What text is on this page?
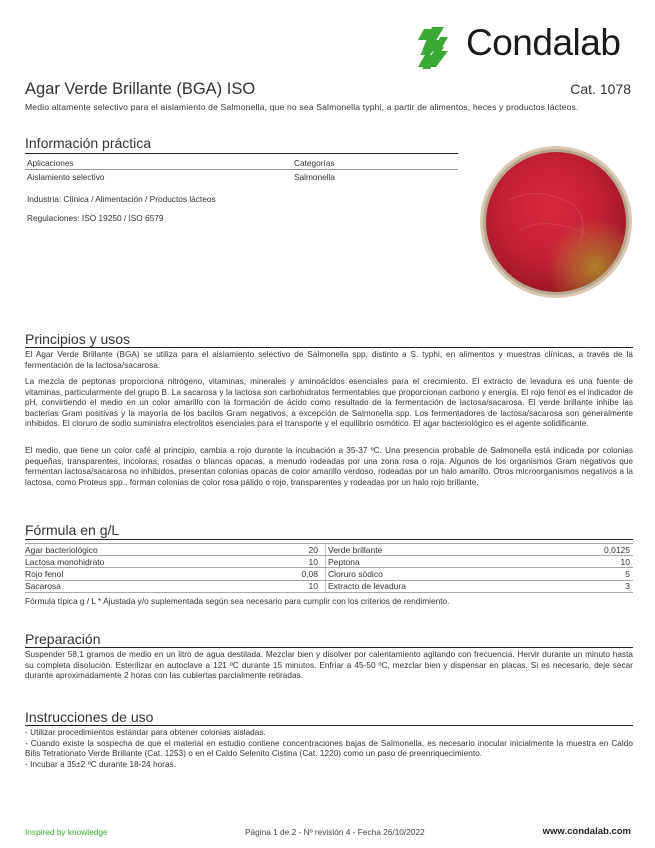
Condalab
Agar Verde Brillante (BGA) ISO	Cat. 1078
Medio altamente selectivo para el aislamiento de Salmonella, que no sea Salmonella typhi, a partir de alimentos, heces y productos lácteos.
Información práctica
Aplicaciones	Categorías
Aislamiento selectivo	Salmonella
Industria: Clínica / Alimentación / Productos lácteos
Regulaciones: ISO 19250 / ISO 6579
Principios y usos
El Agar Verde Brillante (BGA) se utiliza para el aislamiento selectivo de Salmonella spp, distinto a S. typhi, en alimentos y muestras clínicas, a través de la fermentación de la lactosa/sacarosa.
La mezcla de peptonas proporciona nitrógeno, vitaminas, minerales y aminoácidos esenciales para el crecimiento. El extracto de levadura es una fuente de vitaminas, particularmente del grupo B. La sacarosa y la lactosa son carbohidratos fermentables que proporcionan carbono y energía. El rojo fenol es el indicador de pH, convirtiendo el medio en un color amarillo con la formación de ácido como resultado de la fermentación de lactosa/sacarosa. El verde brillante inhibe las bacterias Gram positivas y la mayoría de los bacilos Gram negativos, a excepción de Salmonella spp. Los fermentadores de lactosa/sacarosa son generalmente inhibidos. El cloruro de sodio suministra electrolitos esenciales para el transporte y el equilibrio osmótico. El agar bacteriológico es el agente solidificante.
El medio, que tiene un color café al principio, cambia a rojo durante la incubación a 35-37 ºC. Una presencia probable de Salmonella está indicada por colonias pequeñas, transparentes, incoloras, rosadas o blancas opacas, a menudo rodeadas por una zona rosa o roja. Algunos de los organismos Gram negativos que fermentan lactosa/sacarosa no inhibidos, presentan colonias opacas de color amarillo verdoso, rodeadas por un halo amarillo. Otros microorganismos negativos a la lactosa, como Proteus spp., forman colonias de color rosa pálido o rojo, transparentes y rodeadas por un halo rojo brillante.
Fórmula en g/L
Agar bacteriológico	20 Verde brillante	0,0125
Lactosa monohidrato	10 Peptona	10
Rojo fenol	0,08 Cloruro sódico	5
Sacarosa	10 Extracto de levadura	3
Fórmula típica g / L * Ajustada y/o suplementada según sea necesario para cumplir con los criterios de rendimiento.
Preparación
Suspender 58,1 gramos de medio en un litro de agua destilada. Mezclar bien y disolver por calentamiento agitando con frecuencia. Hervir durante un minuto hasta su completa disolución. Esterilizar en autoclave a 121 ºC durante 15 minutos. Enfriar a 45-50 ºC, mezclar bien y dispensar en placas. Si es necesario, deje secar durante aproximadamente 2 horas con las cubiertas parcialmente retiradas.
Instrucciones de uso
- Utilizar procedimientos estándar para obtener colonias aisladas.
- Cuando existe la sospecha de que el material en estudio contiene concentraciones bajas de Salmonella, es necesario inocular inicialmente la muestra en Caldo Bilis Tetrationato Verde Brillante (Cat. 1253) o en el Caldo Selenito Cistina (Cat. 1220) como un paso de preenriquecimiento.
- Incubar a 35±2 ºC durante 18-24 horas.
Inspired by knowledge	Página 1 de 2 - Nº revisión 4 - Fecha 26/10/2022	www.condalab.com
